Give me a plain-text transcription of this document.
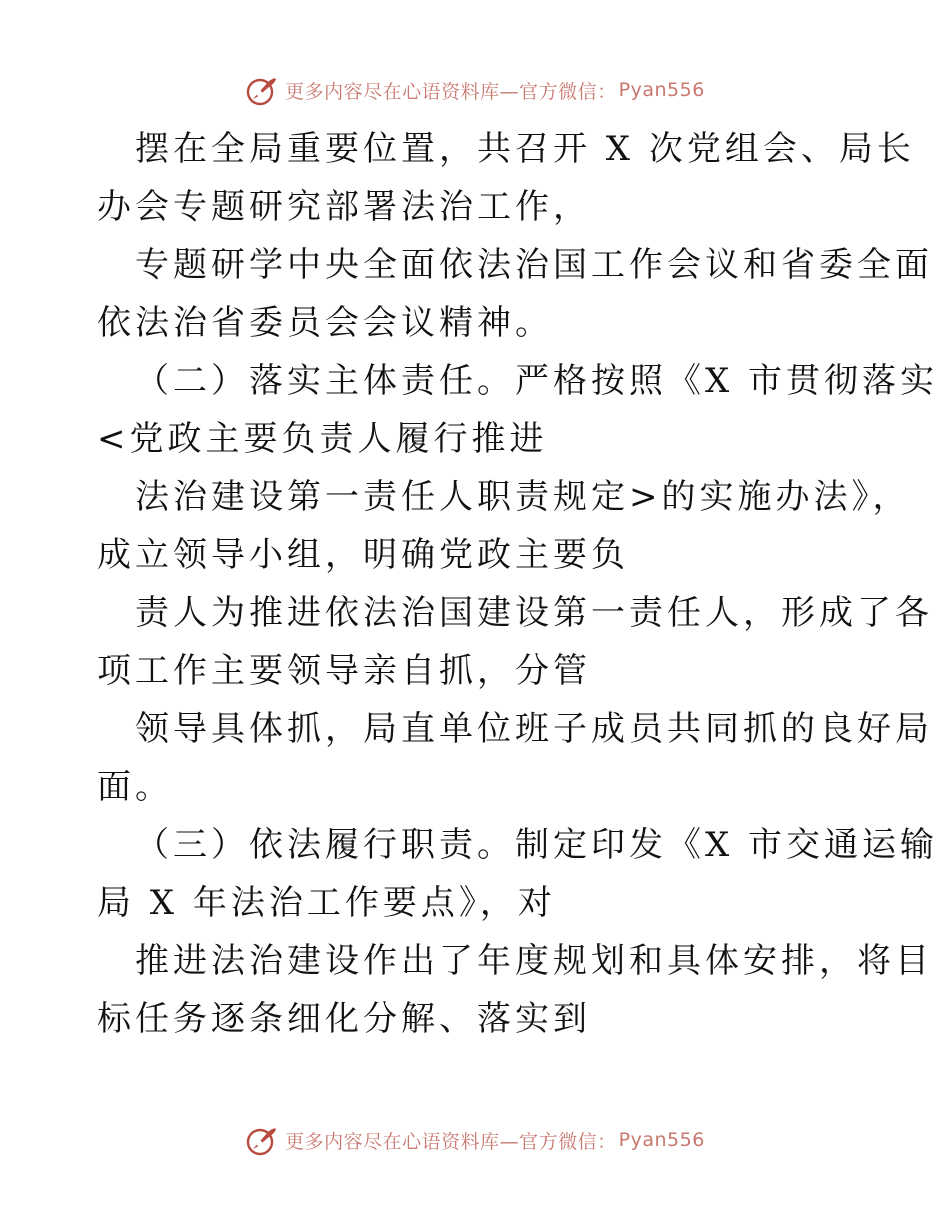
更多内容尽在心语资料库—官方微信： Pyan556
摆在全局重要位置，共召开 X 次党组会、局长
办会专题研究部署法治工作，
专题研学中央全面依法治国工作会议和省委全面
依法治省委员会会议精神。
（二）落实主体责任。严格按照《X 市贯彻落实
<党政主要负责人履行推进
法治建设第一责任人职责规定>的实施办法》，
成立领导小组，明确党政主要负
责人为推进依法治国建设第一责任人，形成了各
项工作主要领导亲自抓，分管
领导具体抓，局直单位班子成员共同抓的良好局
面。
（三）依法履行职责。制定印发《X 市交通运输
局 X 年法治工作要点》，对
推进法治建设作出了年度规划和具体安排，将目
标任务逐条细化分解、落实到
更多内容尽在心语资料库—官方微信： Pyan556
